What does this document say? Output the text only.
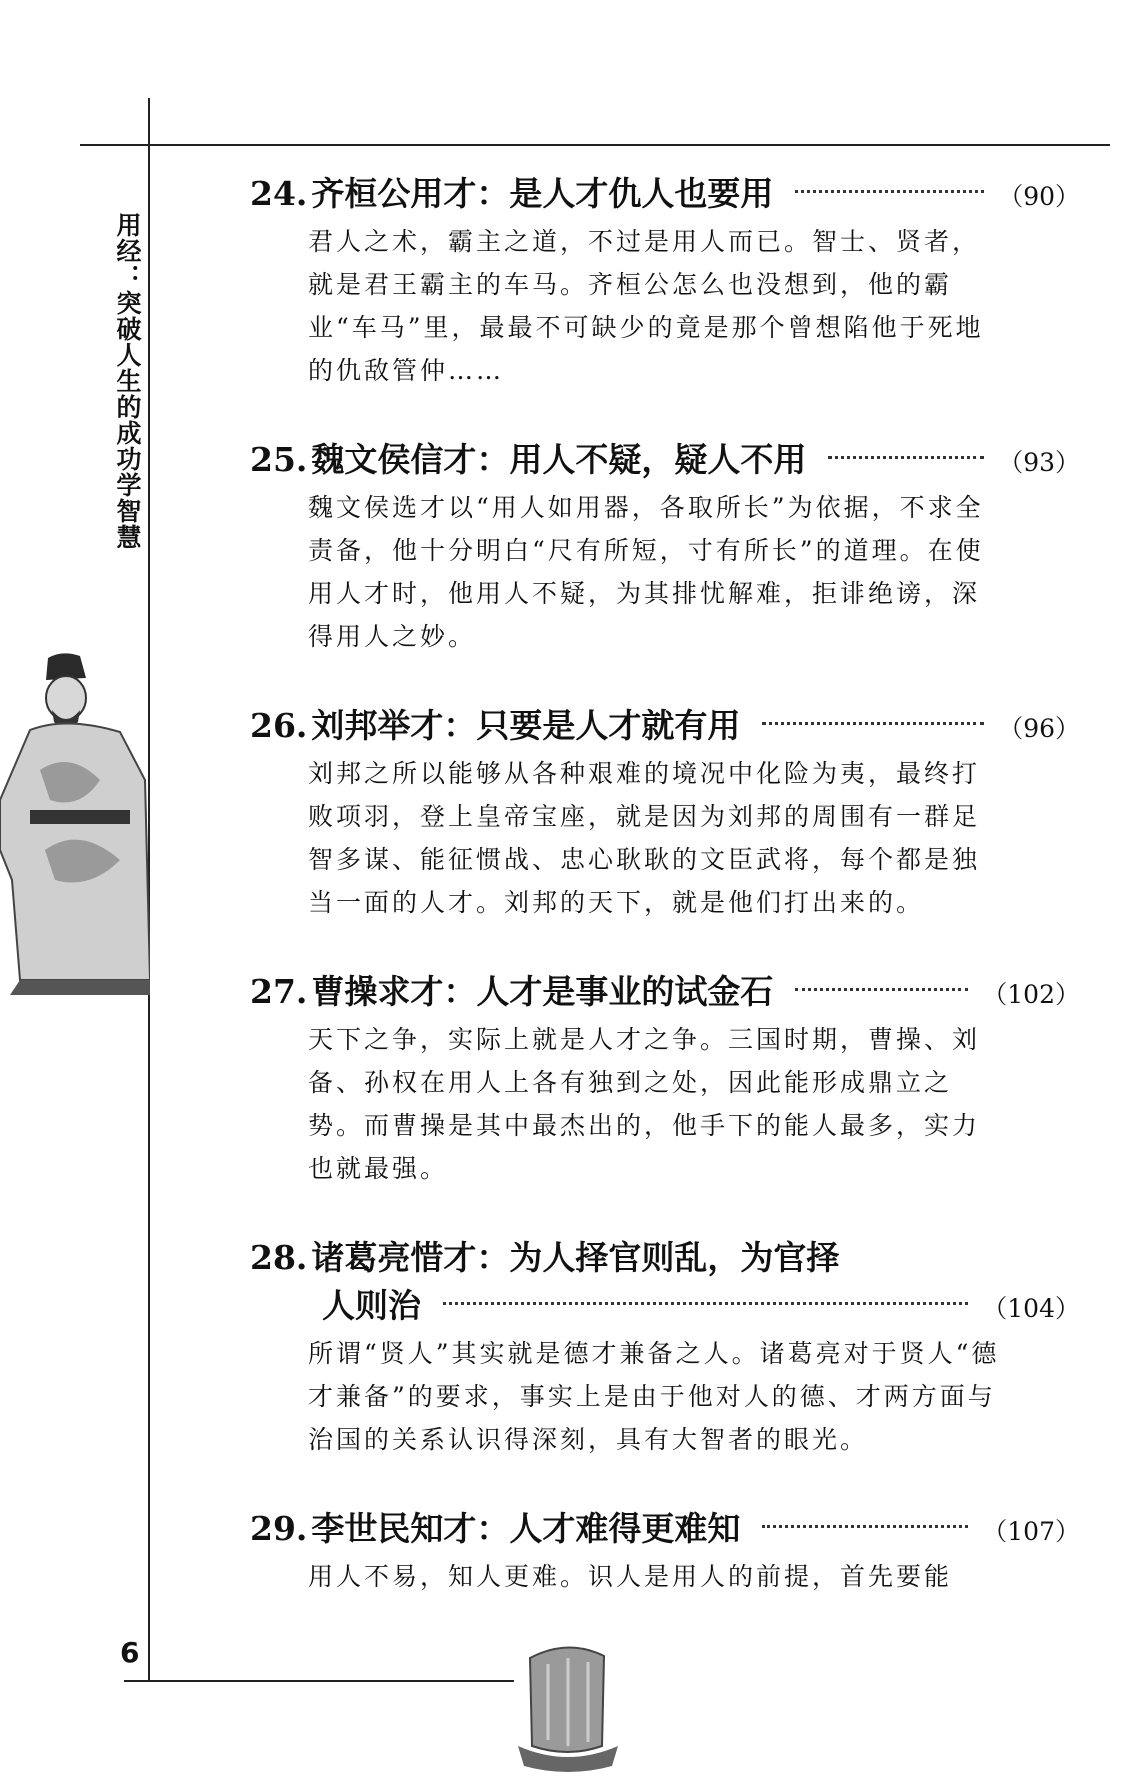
用经：突破人生的成功学智慧
6
24. 齐桓公用才：是人才仇人也要用	（90）
君人之术，霸主之道，不过是用人而已。智士、贤者，就是君王霸主的车马。齐桓公怎么也没想到，他的霸业“车马”里，最最不可缺少的竟是那个曾想陷他于死地的仇敌管仲……
25. 魏文侯信才：用人不疑，疑人不用	（93）
魏文侯选才以“用人如用器，各取所长”为依据，不求全责备，他十分明白“尺有所短，寸有所长”的道理。在使用人才时，他用人不疑，为其排忧解难，拒诽绝谤，深得用人之妙。
26. 刘邦举才：只要是人才就有用	（96）
刘邦之所以能够从各种艰难的境况中化险为夷，最终打败项羽，登上皇帝宝座，就是因为刘邦的周围有一群足智多谋、能征惯战、忠心耿耿的文臣武将，每个都是独当一面的人才。刘邦的天下，就是他们打出来的。
27. 曹操求才：人才是事业的试金石	（102）
天下之争，实际上就是人才之争。三国时期，曹操、刘备、孙权在用人上各有独到之处，因此能形成鼎立之势。而曹操是其中最杰出的，他手下的能人最多，实力也就最强。
28. 诸葛亮惜才：为人择官则乱，为官择
人则治	（104）
所谓“贤人”其实就是德才兼备之人。诸葛亮对于贤人“德才兼备”的要求，事实上是由于他对人的德、才两方面与治国的关系认识得深刻，具有大智者的眼光。
29. 李世民知才：人才难得更难知	（107）
用人不易，知人更难。识人是用人的前提，首先要能
